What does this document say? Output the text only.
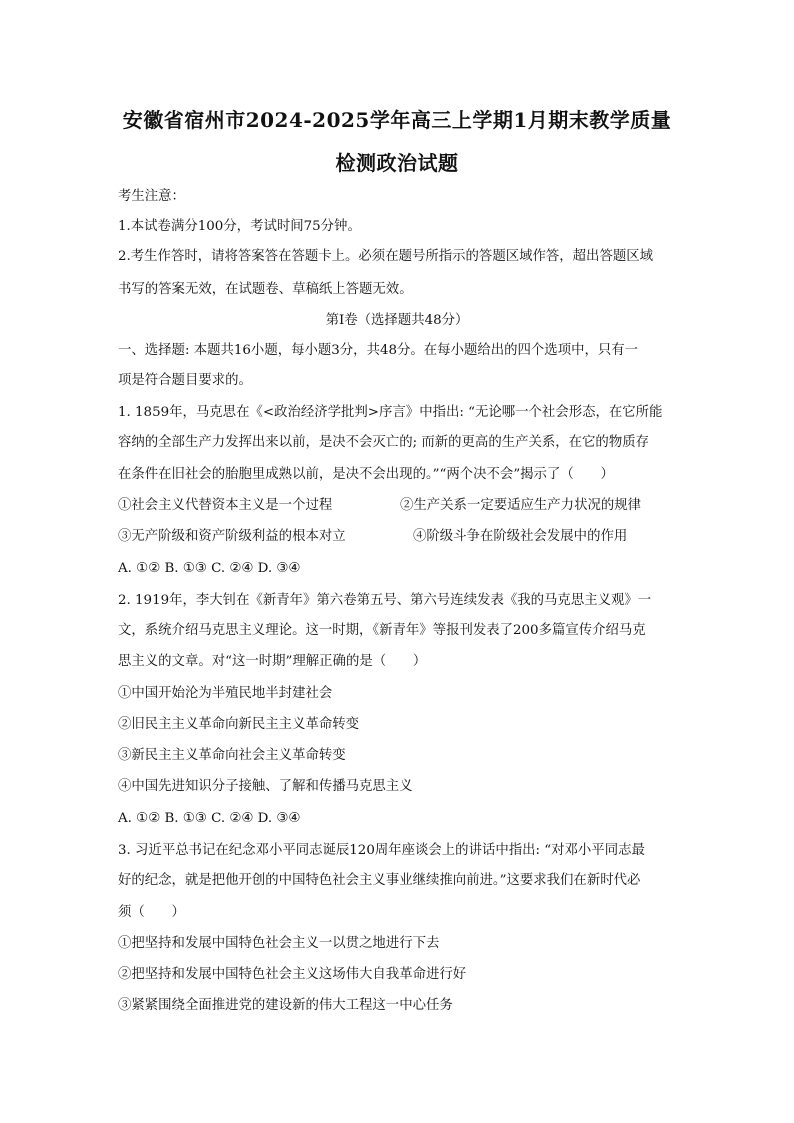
安徽省宿州市2024-2025学年高三上学期1月期末教学质量
检测政治试题
考生注意：
1.本试卷满分100分，考试时间75分钟。
2.考生作答时，请将答案答在答题卡上。必须在题号所指示的答题区域作答，超出答题区域
书写的答案无效，在试题卷、草稿纸上答题无效。
第I卷（选择题共48分）
一、选择题: 本题共16小题，每小题3分，共48分。在每小题给出的四个选项中，只有一
项是符合题目要求的。
1. 1859年，马克思在《<政治经济学批判>序言》中指出: “无论哪一个社会形态，在它所能
容纳的全部生产力发挥出来以前，是决不会灭亡的; 而新的更高的生产关系，在它的物质存
在条件在旧社会的胎胞里成熟以前，是决不会出现的。”“两个决不会”揭示了（　　）
①社会主义代替资本主义是一个过程	②生产关系一定要适应生产力状况的规律
③无产阶级和资产阶级利益的根本对立	④阶级斗争在阶级社会发展中的作用
A. ①② B. ①③ C. ②④ D. ③④
2. 1919年，李大钊在《新青年》第六卷第五号、第六号连续发表《我的马克思主义观》一
文，系统介绍马克思主义理论。这一时期，《新青年》等报刊发表了200多篇宣传介绍马克
思主义的文章。对“这一时期”理解正确的是（　　）
①中国开始沦为半殖民地半封建社会
②旧民主主义革命向新民主主义革命转变
③新民主主义革命向社会主义革命转变
④中国先进知识分子接触、了解和传播马克思主义
A. ①② B. ①③ C. ②④ D. ③④
3. 习近平总书记在纪念邓小平同志诞辰120周年座谈会上的讲话中指出: “对邓小平同志最
好的纪念，就是把他开创的中国特色社会主义事业继续推向前进。”这要求我们在新时代必
须（　　）
①把坚持和发展中国特色社会主义一以贯之地进行下去
②把坚持和发展中国特色社会主义这场伟大自我革命进行好
③紧紧围绕全面推进党的建设新的伟大工程这一中心任务
